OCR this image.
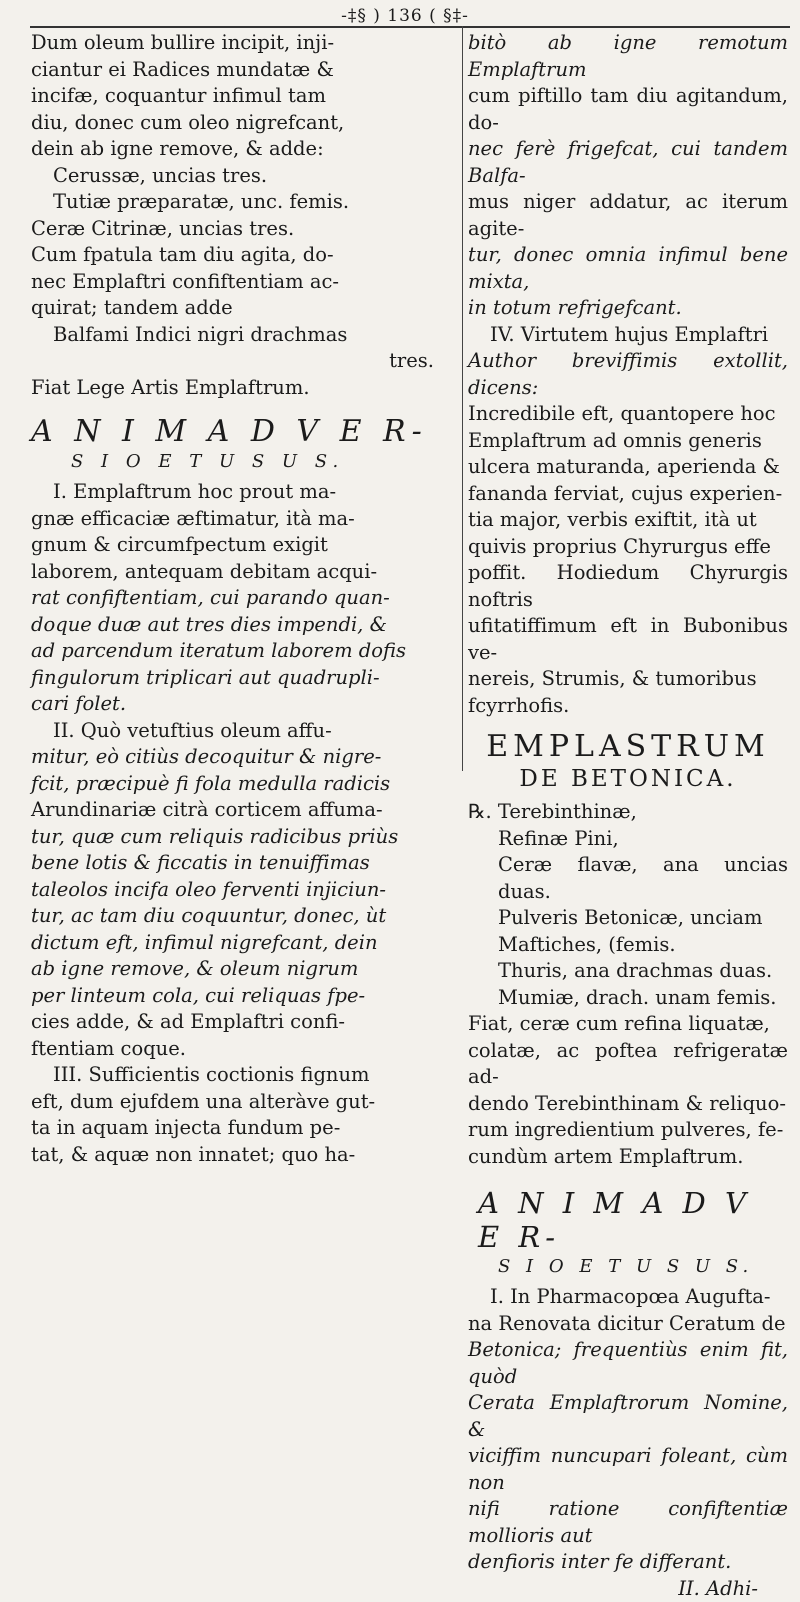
-‡§ ) 136 ( §‡-

Dum oleum bullire incipit, inji-

ciantur ei Radices mundatæ &

incifæ, coquantur infimul tam

diu, donec cum oleo nigrefcant,

dein ab igne remove, & adde:

Cerussæ, uncias tres.

Tutiæ præparatæ, unc. femis.

Ceræ Citrinæ, uncias tres.

Cum fpatula tam diu agita, do-

nec Emplaftri confiftentiam ac-

quirat; tandem adde

Balfami Indici nigri drachmas

tres.

Fiat Lege Artis Emplaftrum.

A N I M A D V E R-
S I O E T U S U S.

I. Emplaftrum hoc prout ma-

gnæ efficaciæ æftimatur, ità ma-

gnum & circumfpectum exigit

laborem, antequam debitam acqui-

rat confiftentiam, cui parando quan-

doque duæ aut tres dies impendi, &

ad parcendum iteratum laborem dofis

fingulorum triplicari aut quadrupli-

cari folet.

II. Quò vetuftius oleum affu-

mitur, eò citiùs decoquitur & nigre-

fcit, præcipuè fi fola medulla radicis

Arundinariæ citrà corticem affuma-

tur, quæ cum reliquis radicibus priùs

bene lotis & ficcatis in tenuiffimas

taleolos incifa oleo ferventi injiciun-

tur, ac tam diu coquuntur, donec, ùt

dictum eft, infimul nigrefcant, dein

ab igne remove, & oleum nigrum

per linteum cola, cui reliquas fpe-

cies adde, & ad Emplaftri confi-

ftentiam coque.

III. Sufficientis coctionis fignum

eft, dum ejufdem una alteràve gut-

ta in aquam injecta fundum pe-

tat, & aquæ non innatet; quo ha-

bitò ab igne remotum Emplaftrum

cum piftillo tam diu agitandum, do-

nec ferè frigefcat, cui tandem Balfa-

mus niger addatur, ac iterum agite-

tur, donec omnia infimul bene mixta,

in totum refrigefcant.

IV. Virtutem hujus Emplaftri

Author breviffimis extollit, dicens:

Incredibile eft, quantopere hoc

Emplaftrum ad omnis generis

ulcera maturanda, aperienda &

fananda ferviat, cujus experien-

tia major, verbis exiftit, ità ut

quivis proprius Chyrurgus effe

poffit. Hodiedum Chyrurgis noftris

ufitatiffimum eft in Bubonibus ve-

nereis, Strumis, & tumoribus

fcyrrhofis.

EMPLASTRUM
DE BETONICA.

℞. Terebinthinæ,

Refinæ Pini,

Ceræ flavæ, ana uncias duas.

Pulveris Betonicæ, unciam

Maftiches, (femis.

Thuris, ana drachmas duas.

Mumiæ, drach. unam femis.

Fiat, ceræ cum refina liquatæ,

colatæ, ac poftea refrigeratæ ad-

dendo Terebinthinam & reliquo-

rum ingredientium pulveres, fe-

cundùm artem Emplaftrum.

A N I M A D V E R-
S I O E T U S U S.

I. In Pharmacopœa Augufta-

na Renovata dicitur Ceratum de

Betonica; frequentiùs enim fit, quòd

Cerata Emplaftrorum Nomine, &

viciffim nuncupari foleant, cùm non

nifi ratione confiftentiæ mollioris aut

denfioris inter fe differant.

II. Adhi-
